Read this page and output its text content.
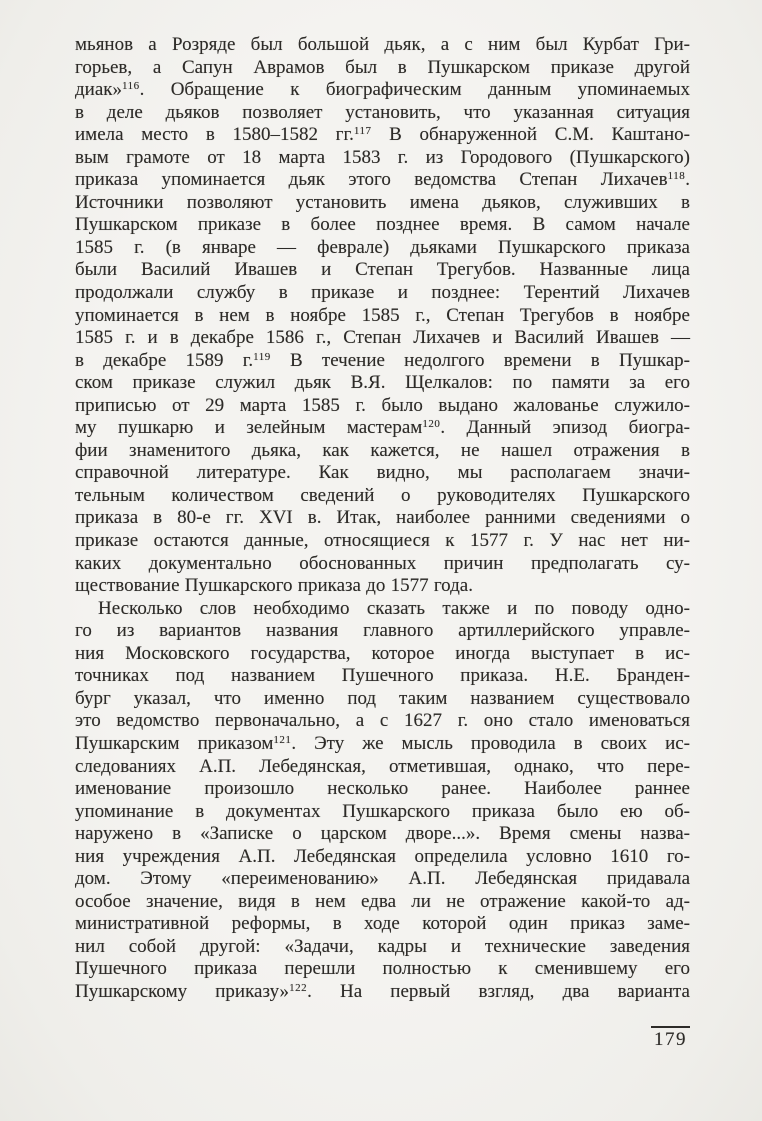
мьянов а Розряде был большой дьяк, а с ним был Курбат Гри-
горьев, а Сапун Аврамов был в Пушкарском приказе другой
диак»$^{116}$. Обращение к биографическим данным упоминаемых
в деле дьяков позволяет установить, что указанная ситуация
имела место в 1580–1582 гг.$^{117}$ В обнаруженной С.М. Каштано-
вым грамоте от 18 марта 1583 г. из Городового (Пушкарского)
приказа упоминается дьяк этого ведомства Степан Лихачев$^{118}$.
Источники позволяют установить имена дьяков, служивших в
Пушкарском приказе в более позднее время. В самом начале
1585 г. (в январе — феврале) дьяками Пушкарского приказа
были Василий Ивашев и Степан Трегубов. Названные лица
продолжали службу в приказе и позднее: Терентий Лихачев
упоминается в нем в ноябре 1585 г., Степан Трегубов в ноябре
1585 г. и в декабре 1586 г., Степан Лихачев и Василий Ивашев —
в декабре 1589 г.$^{119}$ В течение недолгого времени в Пушкар-
ском приказе служил дьяк В.Я. Щелкалов: по памяти за его
приписью от 29 марта 1585 г. было выдано жалованье служило-
му пушкарю и зелейным мастерам$^{120}$. Данный эпизод биогра-
фии знаменитого дьяка, как кажется, не нашел отражения в
справочной литературе. Как видно, мы располагаем значи-
тельным количеством сведений о руководителях Пушкарского
приказа в 80-е гг. XVI в. Итак, наиболее ранними сведениями о
приказе остаются данные, относящиеся к 1577 г. У нас нет ни-
каких документально обоснованных причин предполагать су-
ществование Пушкарского приказа до 1577 года.
Несколько слов необходимо сказать также и по поводу одно-
го из вариантов названия главного артиллерийского управле-
ния Московского государства, которое иногда выступает в ис-
точниках под названием Пушечного приказа. Н.Е. Бранден-
бург указал, что именно под таким названием существовало
это ведомство первоначально, а с 1627 г. оно стало именоваться
Пушкарским приказом$^{121}$. Эту же мысль проводила в своих ис-
следованиях А.П. Лебедянская, отметившая, однако, что пере-
именование произошло несколько ранее. Наиболее раннее
упоминание в документах Пушкарского приказа было ею об-
наружено в «Записке о царском дворе...». Время смены назва-
ния учреждения А.П. Лебедянская определила условно 1610 го-
дом. Этому «переименованию» А.П. Лебедянская придавала
особое значение, видя в нем едва ли не отражение какой-то ад-
министративной реформы, в ходе которой один приказ заме-
нил собой другой: «Задачи, кадры и технические заведения
Пушечного приказа перешли полностью к сменившему его
Пушкарскому приказу»$^{122}$. На первый взгляд, два варианта
179
